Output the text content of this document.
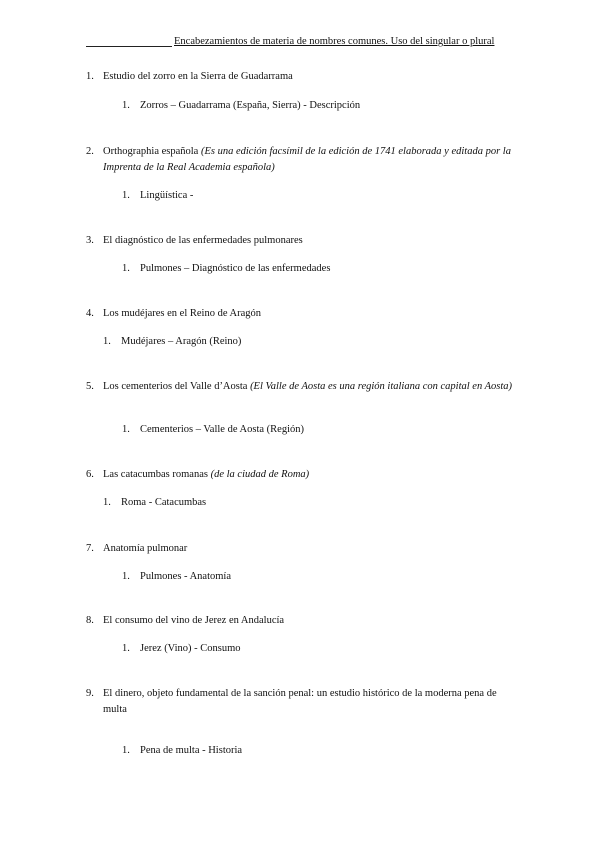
Encabezamientos de materia de nombres comunes. Uso del singular o plural
1. Estudio del zorro en la Sierra de Guadarrama
1. Zorros – Guadarrama (España, Sierra) - Descripción
2. Orthographia española (Es una edición facsímil de la edición de 1741 elaborada y editada por la Imprenta de la Real Academia española)
1. Lingüística -
3. El diagnóstico de las enfermedades pulmonares
1. Pulmones – Diagnóstico de las enfermedades
4. Los mudéjares en el Reino de Aragón
1. Mudéjares – Aragón (Reino)
5. Los cementerios del Valle d’Aosta (El Valle de Aosta es una región italiana con capital en Aosta)
1. Cementerios – Valle de Aosta (Región)
6. Las catacumbas romanas (de la ciudad de Roma)
1. Roma - Catacumbas
7. Anatomía pulmonar
1. Pulmones - Anatomía
8. El consumo del vino de Jerez en Andalucía
1. Jerez (Vino) - Consumo
9. El dinero, objeto fundamental de la sanción penal: un estudio histórico de la moderna pena de multa
1. Pena de multa - Historia
